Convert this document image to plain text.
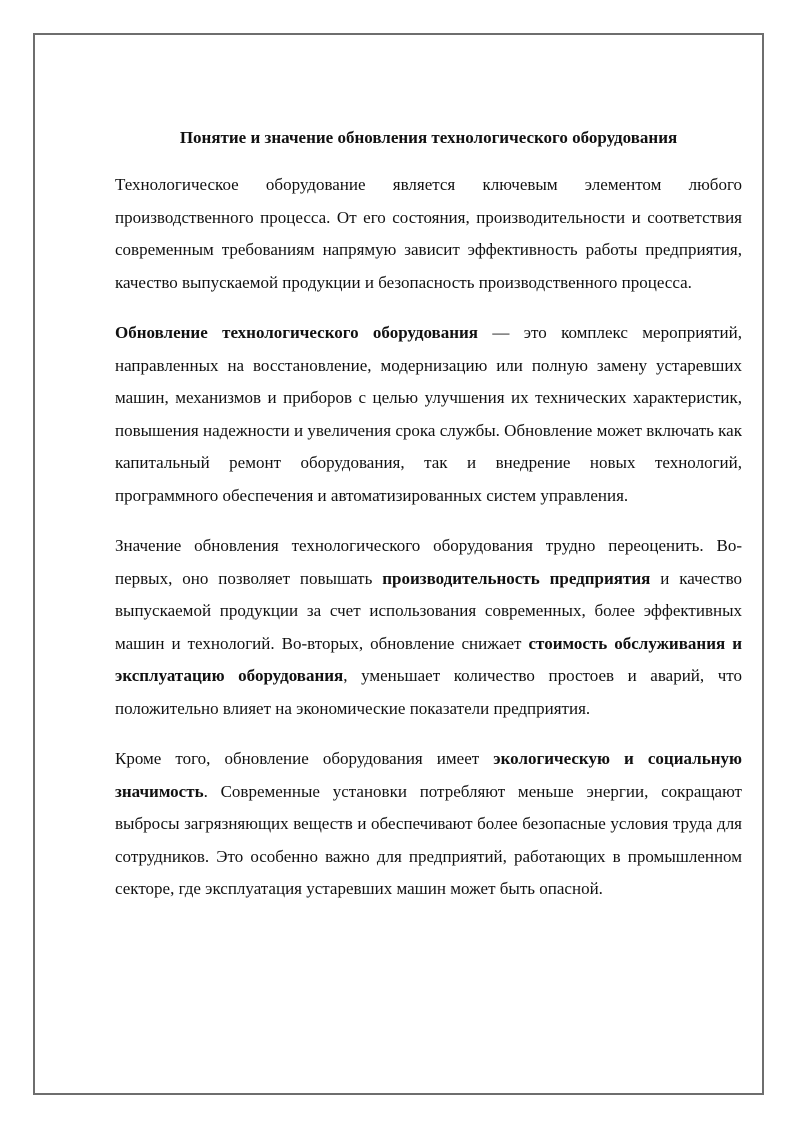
Понятие и значение обновления технологического оборудования

Технологическое оборудование является ключевым элементом любого производственного процесса. От его состояния, производительности и соответствия современным требованиям напрямую зависит эффективность работы предприятия, качество выпускаемой продукции и безопасность производственного процесса.

Обновление технологического оборудования — это комплекс мероприятий, направленных на восстановление, модернизацию или полную замену устаревших машин, механизмов и приборов с целью улучшения их технических характеристик, повышения надежности и увеличения срока службы. Обновление может включать как капитальный ремонт оборудования, так и внедрение новых технологий, программного обеспечения и автоматизированных систем управления.

Значение обновления технологического оборудования трудно переоценить. Во-первых, оно позволяет повышать производительность предприятия и качество выпускаемой продукции за счет использования современных, более эффективных машин и технологий. Во-вторых, обновление снижает стоимость обслуживания и эксплуатацию оборудования, уменьшает количество простоев и аварий, что положительно влияет на экономические показатели предприятия.

Кроме того, обновление оборудования имеет экологическую и социальную значимость. Современные установки потребляют меньше энергии, сокращают выбросы загрязняющих веществ и обеспечивают более безопасные условия труда для сотрудников. Это особенно важно для предприятий, работающих в промышленном секторе, где эксплуатация устаревших машин может быть опасной.
